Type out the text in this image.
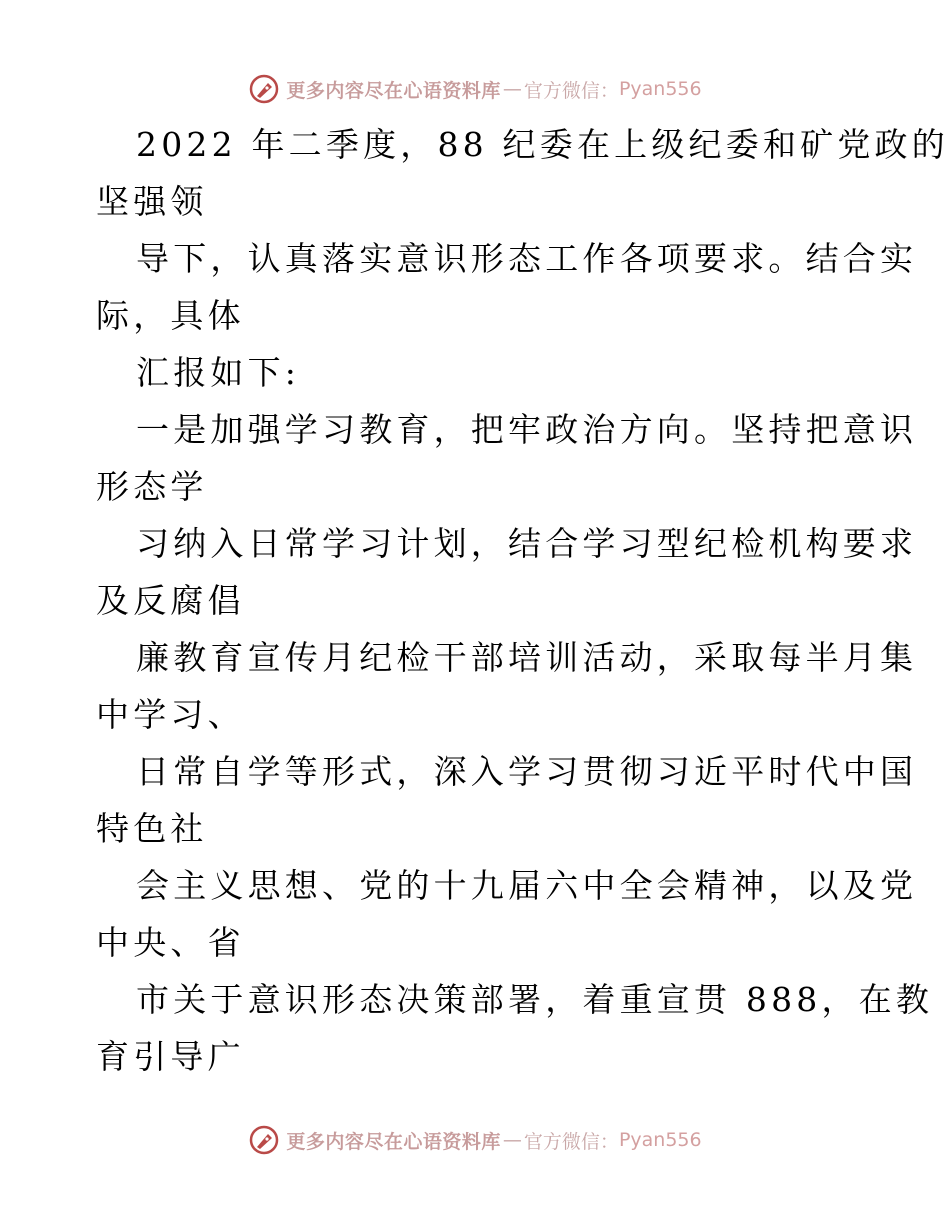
更多内容尽在心语资料库 — 官方微信： Pyan556
2022 年二季度，88 纪委在上级纪委和矿党政的
坚强领
导下，认真落实意识形态工作各项要求。结合实
际，具体
汇报如下:
一是加强学习教育，把牢政治方向。坚持把意识
形态学
习纳入日常学习计划，结合学习型纪检机构要求
及反腐倡
廉教育宣传月纪检干部培训活动，采取每半月集
中学习、
日常自学等形式，深入学习贯彻习近平时代中国
特色社
会主义思想、党的十九届六中全会精神，以及党
中央、省
市关于意识形态决策部署，着重宣贯 888，在教
育引导广
更多内容尽在心语资料库 — 官方微信： Pyan556
